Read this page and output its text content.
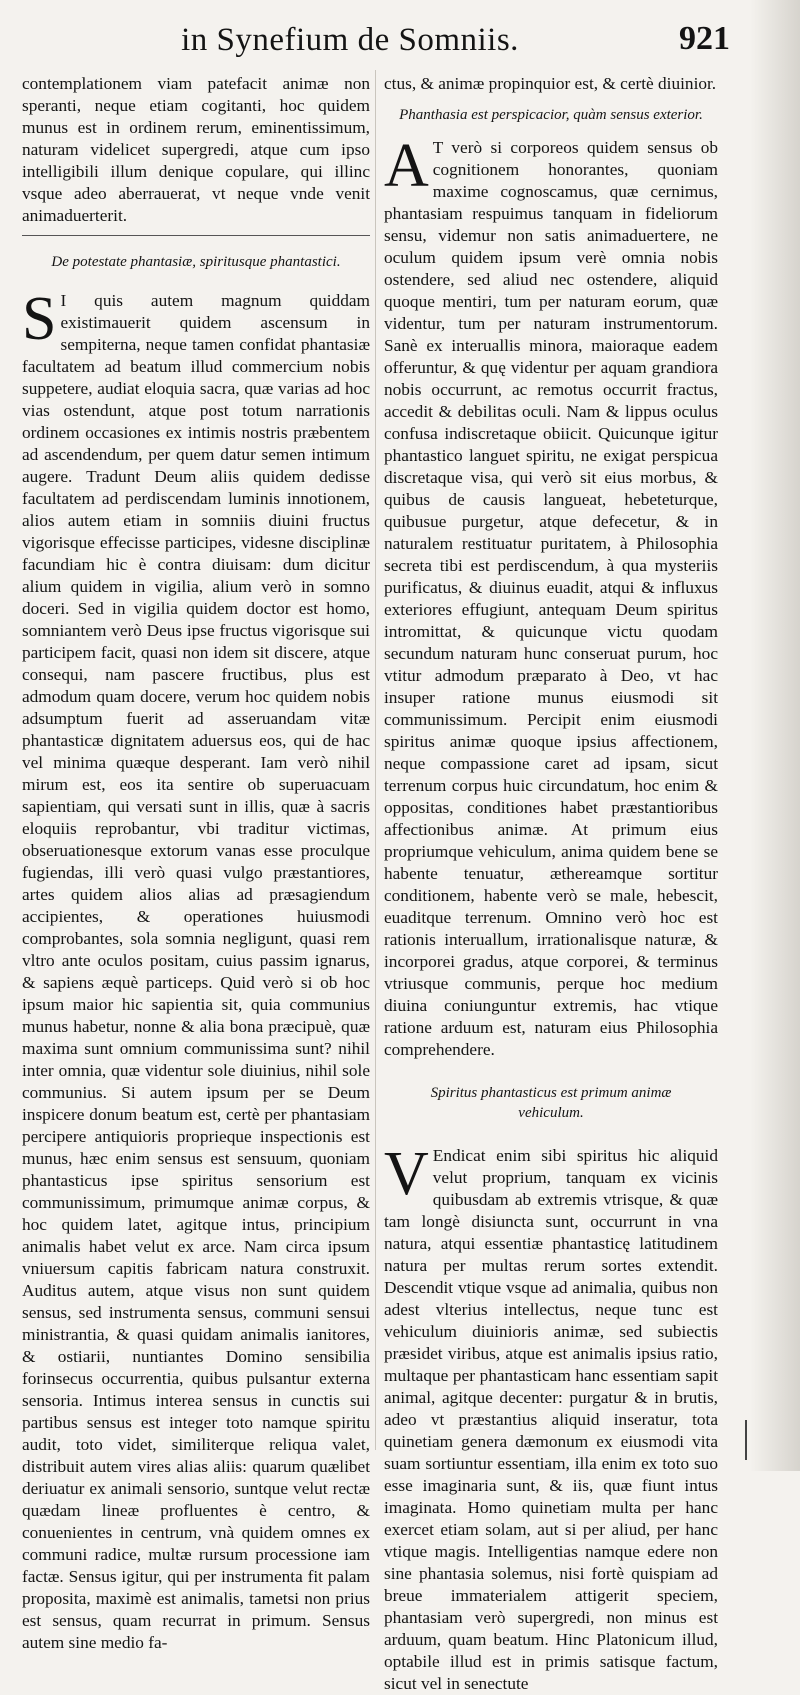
in Synefium de Somniis.	921

contemplationem viam patefacit animæ non speranti, neque etiam cogitanti, hoc quidem munus est in ordinem rerum, eminentissimum, naturam videlicet supergredi, atque cum ipso intelligibili illum denique copulare, qui illinc vsque adeo aberrauerat, vt neque vnde venit animaduerterit.

De potestate phantasiæ, spiritusque phantastici.

S I quis autem magnum quiddam existimauerit quidem ascensum in sempiterna, neque tamen confidat phantasiæ facultatem ad beatum illud commercium nobis suppetere, audiat eloquia sacra, quæ varias ad hoc vias ostendunt, atque post totum narrationis ordinem occasiones ex intimis nostris præbentem ad ascendendum, per quem datur semen intimum augere. Tradunt Deum aliis quidem dedisse facultatem ad perdiscendam luminis innotionem, alios autem etiam in somniis diuini fructus vigorisque effecisse participes, videsne disciplinæ facundiam hic è contra diuisam: dum dicitur alium quidem in vigilia, alium verò in somno doceri. Sed in vigilia quidem doctor est homo, somniantem verò Deus ipse fructus vigorisque sui participem facit, quasi non idem sit discere, atque consequi, nam pascere fructibus, plus est admodum quam docere, verum hoc quidem nobis adsumptum fuerit ad asseruandam vitæ phantasticæ dignitatem aduersus eos, qui de hac vel minima quæque desperant. Iam verò nihil mirum est, eos ita sentire ob superuacuam sapientiam, qui versati sunt in illis, quæ à sacris eloquiis reprobantur, vbi traditur victimas, obseruationesque extorum vanas esse proculque fugiendas, illi verò quasi vulgo præstantiores, artes quidem alios alias ad præsagiendum accipientes, & operationes huiusmodi comprobantes, sola somnia negligunt, quasi rem vltro ante oculos positam, cuius passim ignarus, & sapiens æquè particeps. Quid verò si ob hoc ipsum maior hic sapientia sit, quia communius munus habetur, nonne & alia bona præcipuè, quæ maxima sunt omnium communissima sunt? nihil inter omnia, quæ videntur sole diuinius, nihil sole communius. Si autem ipsum per se Deum inspicere donum beatum est, certè per phantasiam percipere antiquioris proprieque inspectionis est munus, hæc enim sensus est sensuum, quoniam phantasticus ipse spiritus sensorium est communissimum, primumque animæ corpus, & hoc quidem latet, agitque intus, principium animalis habet velut ex arce. Nam circa ipsum vniuersum capitis fabricam natura construxit. Auditus autem, atque visus non sunt quidem sensus, sed instrumenta sensus, communi sensui ministrantia, & quasi quidam animalis ianitores, & ostiarii, nuntiantes Domino sensibilia forinsecus occurrentia, quibus pulsantur externa sensoria. Intimus interea sensus in cunctis sui partibus sensus est integer toto namque spiritu audit, toto videt, similiterque reliqua valet, distribuit autem vires alias aliis: quarum quælibet deriuatur ex animali sensorio, suntque velut rectæ quædam lineæ profluentes è centro, & conuenientes in centrum, vnà quidem omnes ex communi radice, multæ rursum processione iam factæ. Sensus igitur, qui per instrumenta fit palam proposita, maximè est animalis, tametsi non prius est sensus, quam recurrat in primum. Sensus autem sine medio fa-

ctus, & animæ propinquior est, & certè diuinior.

Phanthasia est perspicacior, quàm sensus exterior.

A T verò si corporeos quidem sensus ob cognitionem honorantes, quoniam maxime cognoscamus, quæ cernimus, phantasiam respuimus tanquam in fideliorum sensu, videmur non satis animaduertere, ne oculum quidem ipsum verè omnia nobis ostendere, sed aliud nec ostendere, aliquid quoque mentiri, tum per naturam eorum, quæ videntur, tum per naturam instrumentorum. Sanè ex interuallis minora, maioraque eadem offeruntur, & quę videntur per aquam grandiora nobis occurrunt, ac remotus occurrit fractus, accedit & debilitas oculi. Nam & lippus oculus confusa indiscretaque obiicit. Quicunque igitur phantastico languet spiritu, ne exigat perspicua discretaque visa, qui verò sit eius morbus, & quibus de causis langueat, hebeteturque, quibusue purgetur, atque defecetur, & in naturalem restituatur puritatem, à Philosophia secreta tibi est perdiscendum, à qua mysteriis purificatus, & diuinus euadit, atqui & influxus exteriores effugiunt, antequam Deum spiritus intromittat, & quicunque victu quodam secundum naturam hunc conseruat purum, hoc vtitur admodum præparato à Deo, vt hac insuper ratione munus eiusmodi sit communissimum. Percipit enim eiusmodi spiritus animæ quoque ipsius affectionem, neque compassione caret ad ipsam, sicut terrenum corpus huic circundatum, hoc enim & oppositas, conditiones habet præstantioribus affectionibus animæ. At primum eius propriumque vehiculum, anima quidem bene se habente tenuatur, æthereamque sortitur conditionem, habente verò se male, hebescit, euaditque terrenum. Omnino verò hoc est rationis interuallum, irrationalisque naturæ, & incorporei gradus, atque corporei, & terminus vtriusque communis, perque hoc medium diuina coniunguntur extremis, hac vtique ratione arduum est, naturam eius Philosophia comprehendere.

Spiritus phantasticus est primum animæ vehiculum.

V Endicat enim sibi spiritus hic aliquid velut proprium, tanquam ex vicinis quibusdam ab extremis vtrisque, & quæ tam longè disiuncta sunt, occurrunt in vna natura, atqui essentiæ phantasticę latitudinem natura per multas rerum sortes extendit. Descendit vtique vsque ad animalia, quibus non adest vlterius intellectus, neque tunc est vehiculum diuinioris animæ, sed subiectis præsidet viribus, atque est animalis ipsius ratio, multaque per phantasticam hanc essentiam sapit animal, agitque decenter: purgatur & in brutis, adeo vt præstantius aliquid inseratur, tota quinetiam genera dæmonum ex eiusmodi vita suam sortiuntur essentiam, illa enim ex toto suo esse imaginaria sunt, & iis, quæ fiunt intus imaginata. Homo quinetiam multa per hanc exercet etiam solam, aut si per aliud, per hanc vtique magis. Intelligentias namque edere non sine phantasia solemus, nisi fortè quispiam ad breue immaterialem attigerit speciem, phantasiam verò supergredi, non minus est arduum, quam beatum. Hinc Platonicum illud, optabile illud est in primis satisque factum, sicut vel in senectute
